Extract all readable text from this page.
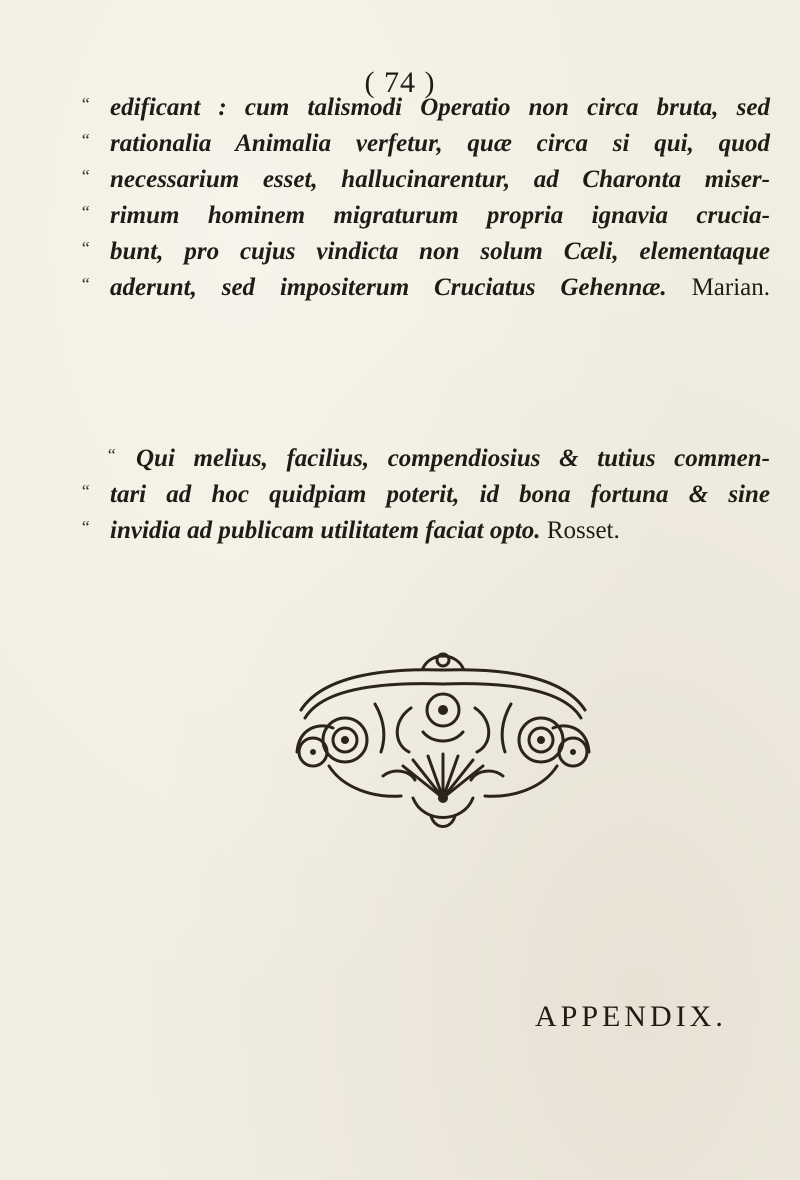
( 74 )
“ edificant : cum talismodi Operatio non circa bruta, sed
“ rationalia Animalia verfetur, quæ circa si qui, quod
“ necessarium esset, hallucinarentur, ad Charonta miser-
“ rimum hominem migraturum propria ignavia crucia-
“ bunt, pro cujus vindicta non solum Cæli, elementaque
“ aderunt, sed impositerum Cruciatus Gehennæ. Marian.
“ Qui melius, facilius, compendiosius & tutius commen-
“ tari ad hoc quidpiam poterit, id bona fortuna & sine
“ invidia ad publicam utilitatem faciat opto. Rosset.
APPENDIX.
